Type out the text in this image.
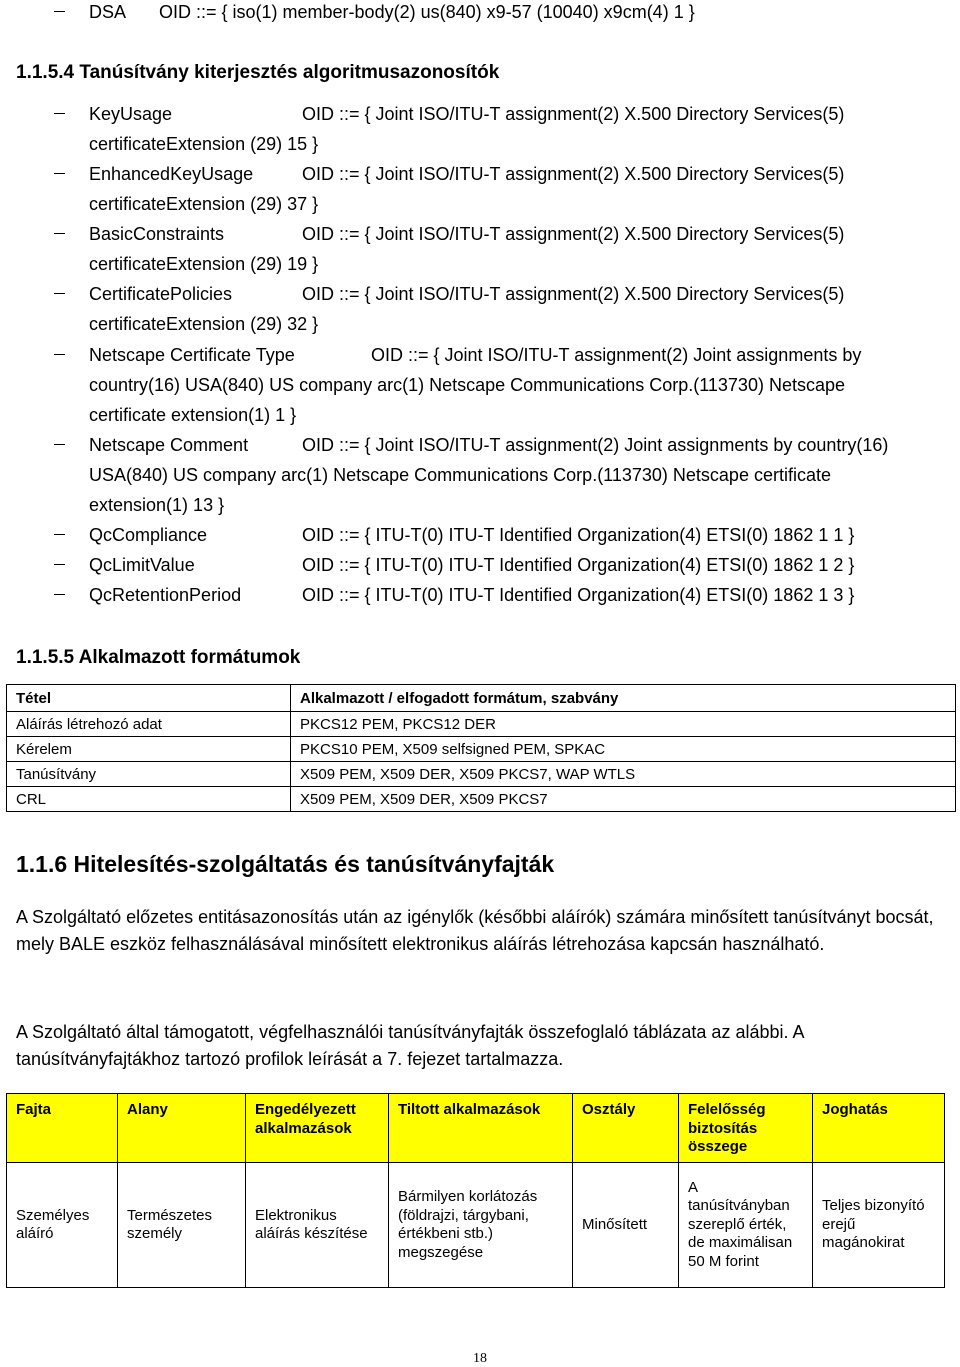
DSA OID ::= { iso(1) member-body(2) us(840) x9-57 (10040) x9cm(4) 1 }
1.1.5.4 Tanúsítvány kiterjesztés algoritmusazonosítók
KeyUsage	OID ::= { Joint ISO/ITU-T assignment(2) X.500 Directory Services(5)
certificateExtension (29) 15 }
EnhancedKeyUsage	OID ::= { Joint ISO/ITU-T assignment(2) X.500 Directory Services(5)
certificateExtension (29) 37 }
BasicConstraints	OID ::= { Joint ISO/ITU-T assignment(2) X.500 Directory Services(5)
certificateExtension (29) 19 }
CertificatePolicies	OID ::= { Joint ISO/ITU-T assignment(2) X.500 Directory Services(5)
certificateExtension (29) 32 }
Netscape Certificate Type	OID ::= { Joint ISO/ITU-T assignment(2) Joint assignments by
country(16) USA(840) US company arc(1) Netscape Communications Corp.(113730) Netscape
certificate extension(1) 1 }
Netscape Comment	OID ::= { Joint ISO/ITU-T assignment(2) Joint assignments by country(16)
USA(840) US company arc(1) Netscape Communications Corp.(113730) Netscape certificate
extension(1) 13 }
QcCompliance	OID ::= { ITU-T(0) ITU-T Identified Organization(4) ETSI(0) 1862 1 1 }
QcLimitValue	OID ::= { ITU-T(0) ITU-T Identified Organization(4) ETSI(0) 1862 1 2 }
QcRetentionPeriod	OID ::= { ITU-T(0) ITU-T Identified Organization(4) ETSI(0) 1862 1 3 }
1.1.5.5 Alkalmazott formátumok
Tétel	Alkalmazott / elfogadott formátum, szabvány
Aláírás létrehozó adat	PKCS12 PEM, PKCS12 DER
Kérelem	PKCS10 PEM, X509 selfsigned PEM, SPKAC
Tanúsítvány	X509 PEM, X509 DER, X509 PKCS7, WAP WTLS
CRL	X509 PEM, X509 DER, X509 PKCS7
1.1.6 Hitelesítés-szolgáltatás és tanúsítványfajták
A Szolgáltató előzetes entitásazonosítás után az igénylők (későbbi aláírók) számára minősített tanúsítványt bocsát, mely BALE eszköz felhasználásával minősített elektronikus aláírás létrehozása kapcsán használható.
A Szolgáltató által támogatott, végfelhasználói tanúsítványfajták összefoglaló táblázata az alábbi. A tanúsítványfajtákhoz tartozó profilok leírását a 7. fejezet tartalmazza.
Fajta	Alany	Engedélyezett alkalmazások	Tiltott alkalmazások	Osztály	Felelősség biztosítás összege	Joghatás
Személyes aláíró	Természetes személy	Elektronikus aláírás készítése	Bármilyen korlátozás (földrajzi, tárgybani, értékbeni stb.) megszegése	Minősített	A tanúsítványban szereplő érték, de maximálisan 50 M forint	Teljes bizonyító erejű magánokirat
18
